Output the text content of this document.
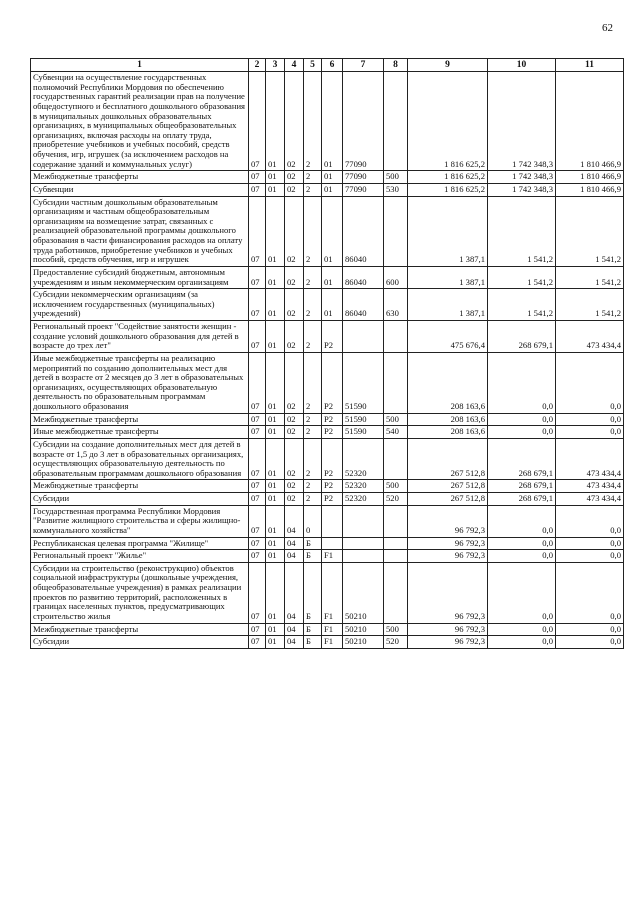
62
1	2	3	4	5	6	7	8	9	10	11
Субвенции на осуществление государственных полномочий Республики Мордовия по обеспечению государственных гарантий реализации прав на получение общедоступного и бесплатного дошкольного образования в муниципальных дошкольных образовательных организациях, в муниципальных общеобразовательных организациях, включая расходы на оплату труда, приобретение учебников и учебных пособий, средств обучения, игр, игрушек (за исключением расходов на содержание зданий и коммунальных услуг)	07	01	02	2	01	77090		1 816 625,2	1 742 348,3	1 810 466,9
Межбюджетные трансферты	07	01	02	2	01	77090	500	1 816 625,2	1 742 348,3	1 810 466,9
Субвенции	07	01	02	2	01	77090	530	1 816 625,2	1 742 348,3	1 810 466,9
Субсидии частным дошкольным образовательным организациям и частным общеобразовательным организациям на возмещение затрат, связанных с реализацией образовательной программы дошкольного образования в части финансирования расходов на оплату труда работников, приобретение учебников и учебных пособий, средств обучения, игр и игрушек	07	01	02	2	01	86040		1 387,1	1 541,2	1 541,2
Предоставление субсидий бюджетным, автономным учреждениям и иным некоммерческим организациям	07	01	02	2	01	86040	600	1 387,1	1 541,2	1 541,2
Субсидии некоммерческим организациям (за исключением государственных (муниципальных) учреждений)	07	01	02	2	01	86040	630	1 387,1	1 541,2	1 541,2
Региональный проект "Содействие занятости женщин - создание условий дошкольного образования для детей в возрасте до трех лет"	07	01	02	2	P2			475 676,4	268 679,1	473 434,4
Иные межбюджетные трансферты на реализацию мероприятий по созданию дополнительных мест для детей в возрасте от 2 месяцев до 3 лет в образовательных организациях, осуществляющих образовательную деятельность по образовательным программам дошкольного образования	07	01	02	2	P2	51590		208 163,6	0,0	0,0
Межбюджетные трансферты	07	01	02	2	P2	51590	500	208 163,6	0,0	0,0
Иные межбюджетные трансферты	07	01	02	2	P2	51590	540	208 163,6	0,0	0,0
Субсидии на создание дополнительных мест для детей в возрасте от 1,5 до 3 лет в образовательных организациях, осуществляющих образовательную деятельность по образовательным программам дошкольного образования	07	01	02	2	P2	52320		267 512,8	268 679,1	473 434,4
Межбюджетные трансферты	07	01	02	2	P2	52320	500	267 512,8	268 679,1	473 434,4
Субсидии	07	01	02	2	P2	52320	520	267 512,8	268 679,1	473 434,4
Государственная программа Республики Мордовия "Развитие жилищного строительства и сферы жилищно-коммунального хозяйства"	07	01	04	0				96 792,3	0,0	0,0
Республиканская целевая программа "Жилище"	07	01	04	Б				96 792,3	0,0	0,0
Региональный проект "Жилье"	07	01	04	Б	F1			96 792,3	0,0	0,0
Субсидии на строительство (реконструкцию) объектов социальной инфраструктуры (дошкольные учреждения, общеобразовательные учреждения) в рамках реализации проектов по развитию территорий, расположенных в границах населенных пунктов, предусматривающих строительство жилья	07	01	04	Б	F1	50210		96 792,3	0,0	0,0
Межбюджетные трансферты	07	01	04	Б	F1	50210	500	96 792,3	0,0	0,0
Субсидии	07	01	04	Б	F1	50210	520	96 792,3	0,0	0,0
